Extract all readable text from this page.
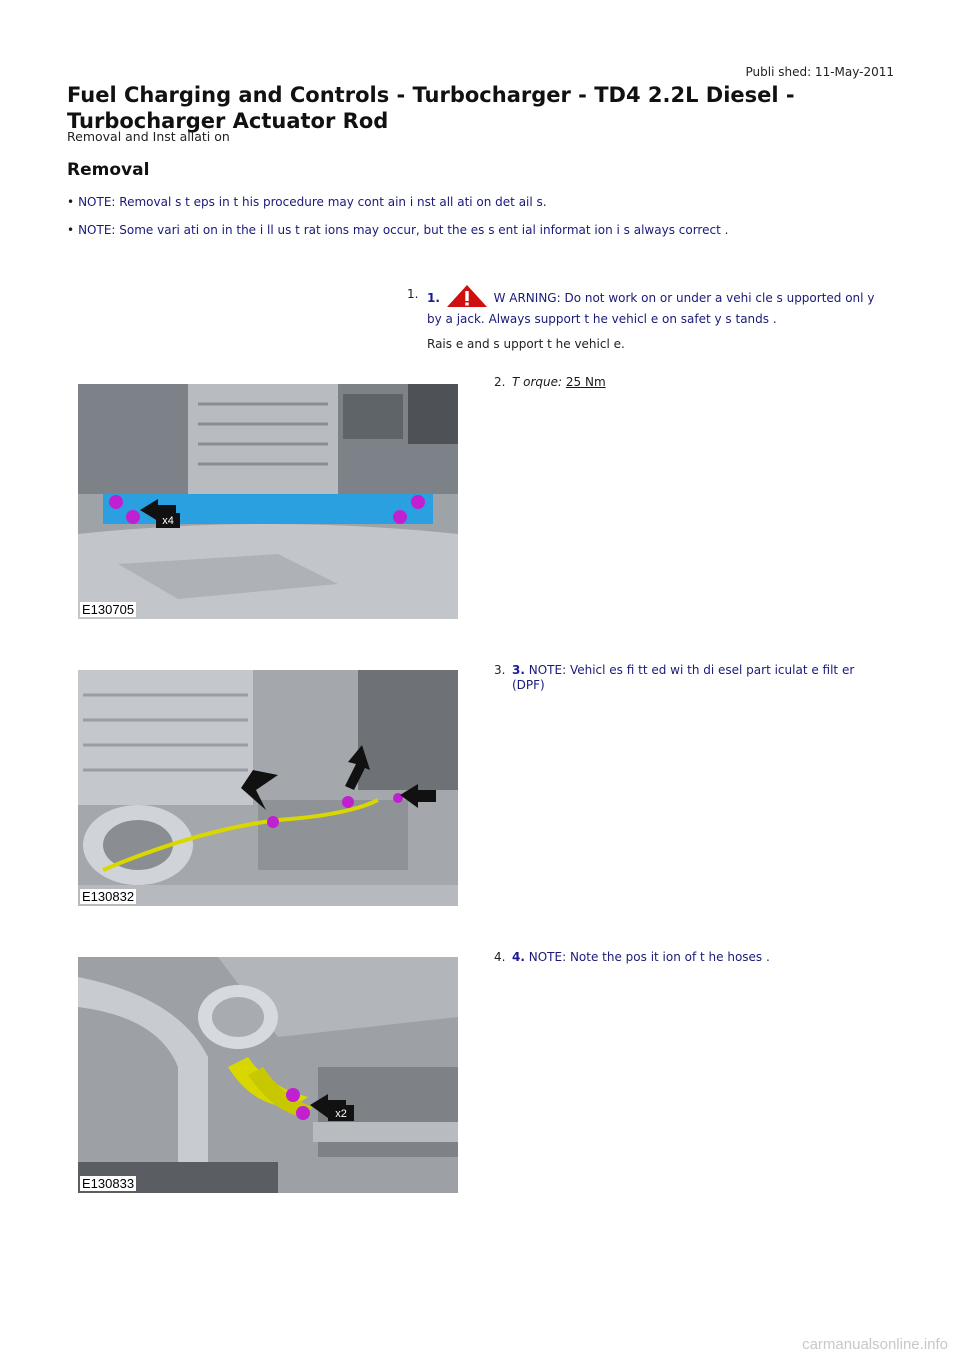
Publi shed: 11-May-2011
Fuel Charging and Controls - Turbocharger - TD4 2.2L Diesel - Turbocharger Actuator Rod
Removal and Inst allati on
Removal
• NOTE: Removal s t eps in t his procedure may cont ain i nst all ati on det ail s.
• NOTE: Some vari ati on in the i ll us t rat ions may occur, but the es s ent ial informat ion i s always correct .
1. 1.	W ARNING: Do not work on or under a vehi cle s upported onl y
by a jack. Always support t he vehicl e on safet y s tands .
Rais e and s upport t he vehicl e.
2. T orque: 25 Nm
x4
E130705
3. 3. NOTE: Vehicl es fi tt ed wi th di esel part iculat e filt er
(DPF)
E130832
4. 4. NOTE: Note the pos it ion of t he hoses .
x2
E130833
carmanualsonline.info
